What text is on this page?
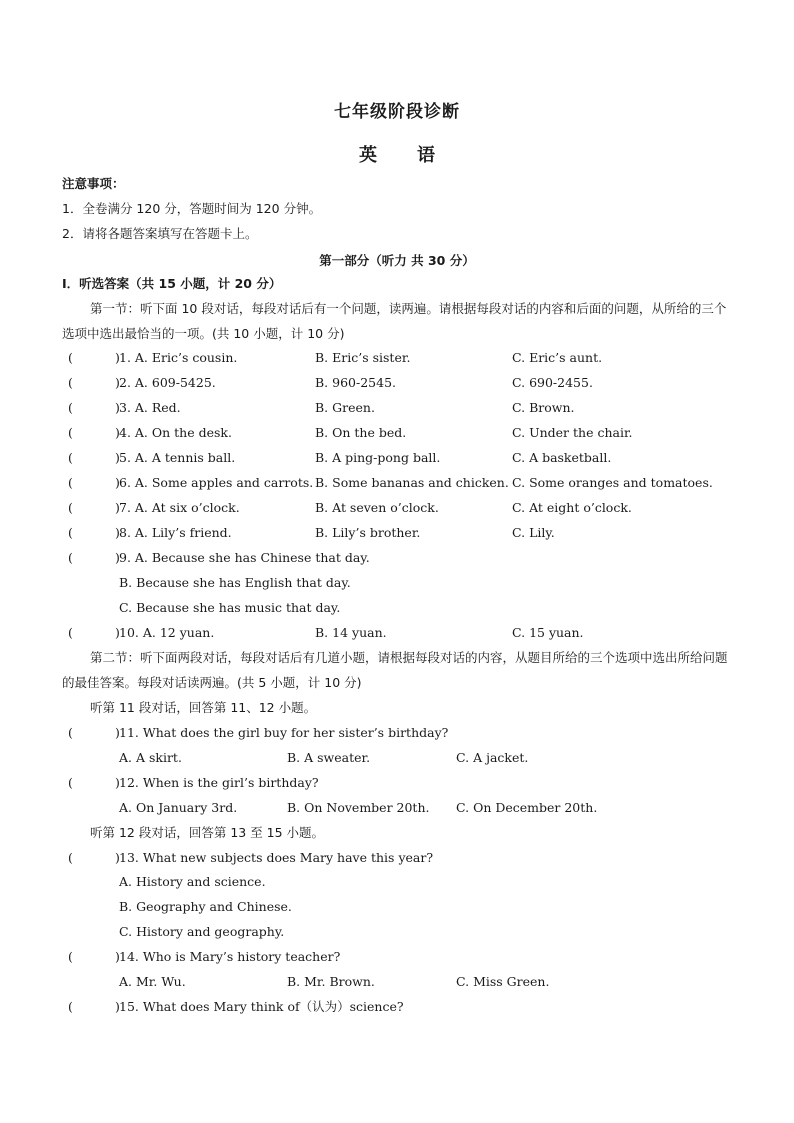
七年级阶段诊断
英语
注意事项：
1．全卷满分 120 分，答题时间为 120 分钟。
2．请将各题答案填写在答题卡上。
第一部分（听力 共 30 分）
Ⅰ．听选答案（共 15 小题，计 20 分）
第一节：听下面 10 段对话，每段对话后有一个问题，读两遍。请根据每段对话的内容和后面的问题，从所给的三个选项中选出最恰当的一项。(共 10 小题，计 10 分)
(	) 1. A. Eric’s cousin.	B. Eric’s sister.	C. Eric’s aunt.
(	) 2. A. 609-5425.	B. 960-2545.	C. 690-2455.
(	) 3. A. Red.	B. Green.	C. Brown.
(	) 4. A. On the desk.	B. On the bed.	C. Under the chair.
(	) 5. A. A tennis ball.	B. A ping-pong ball.	C. A basketball.
(	) 6. A. Some apples and carrots. B. Some bananas and chicken. C. Some oranges and tomatoes.
(	) 7. A. At six o’clock.	B. At seven o’clock.	C. At eight o’clock.
(	) 8. A. Lily’s friend.	B. Lily’s brother.	C. Lily.
(	) 9. A. Because she has Chinese that day.
B. Because she has English that day.
C. Because she has music that day.
(	) 10. A. 12 yuan.	B. 14 yuan.	C. 15 yuan.
第二节：听下面两段对话，每段对话后有几道小题，请根据每段对话的内容，从题目所给的三个选项中选出所给问题的最佳答案。每段对话读两遍。(共 5 小题，计 10 分)
听第 11 段对话，回答第 11、12 小题。
(	) 11. What does the girl buy for her sister’s birthday?
A. A skirt.	B. A sweater.	C. A jacket.
(	) 12. When is the girl’s birthday?
A. On January 3rd.	B. On November 20th. C. On December 20th.
听第 12 段对话，回答第 13 至 15 小题。
(	) 13. What new subjects does Mary have this year?
A. History and science.
B. Geography and Chinese.
C. History and geography.
(	) 14. Who is Mary’s history teacher?
A. Mr. Wu.	B. Mr. Brown.	C. Miss Green.
(	) 15. What does Mary think of（认为）science?
